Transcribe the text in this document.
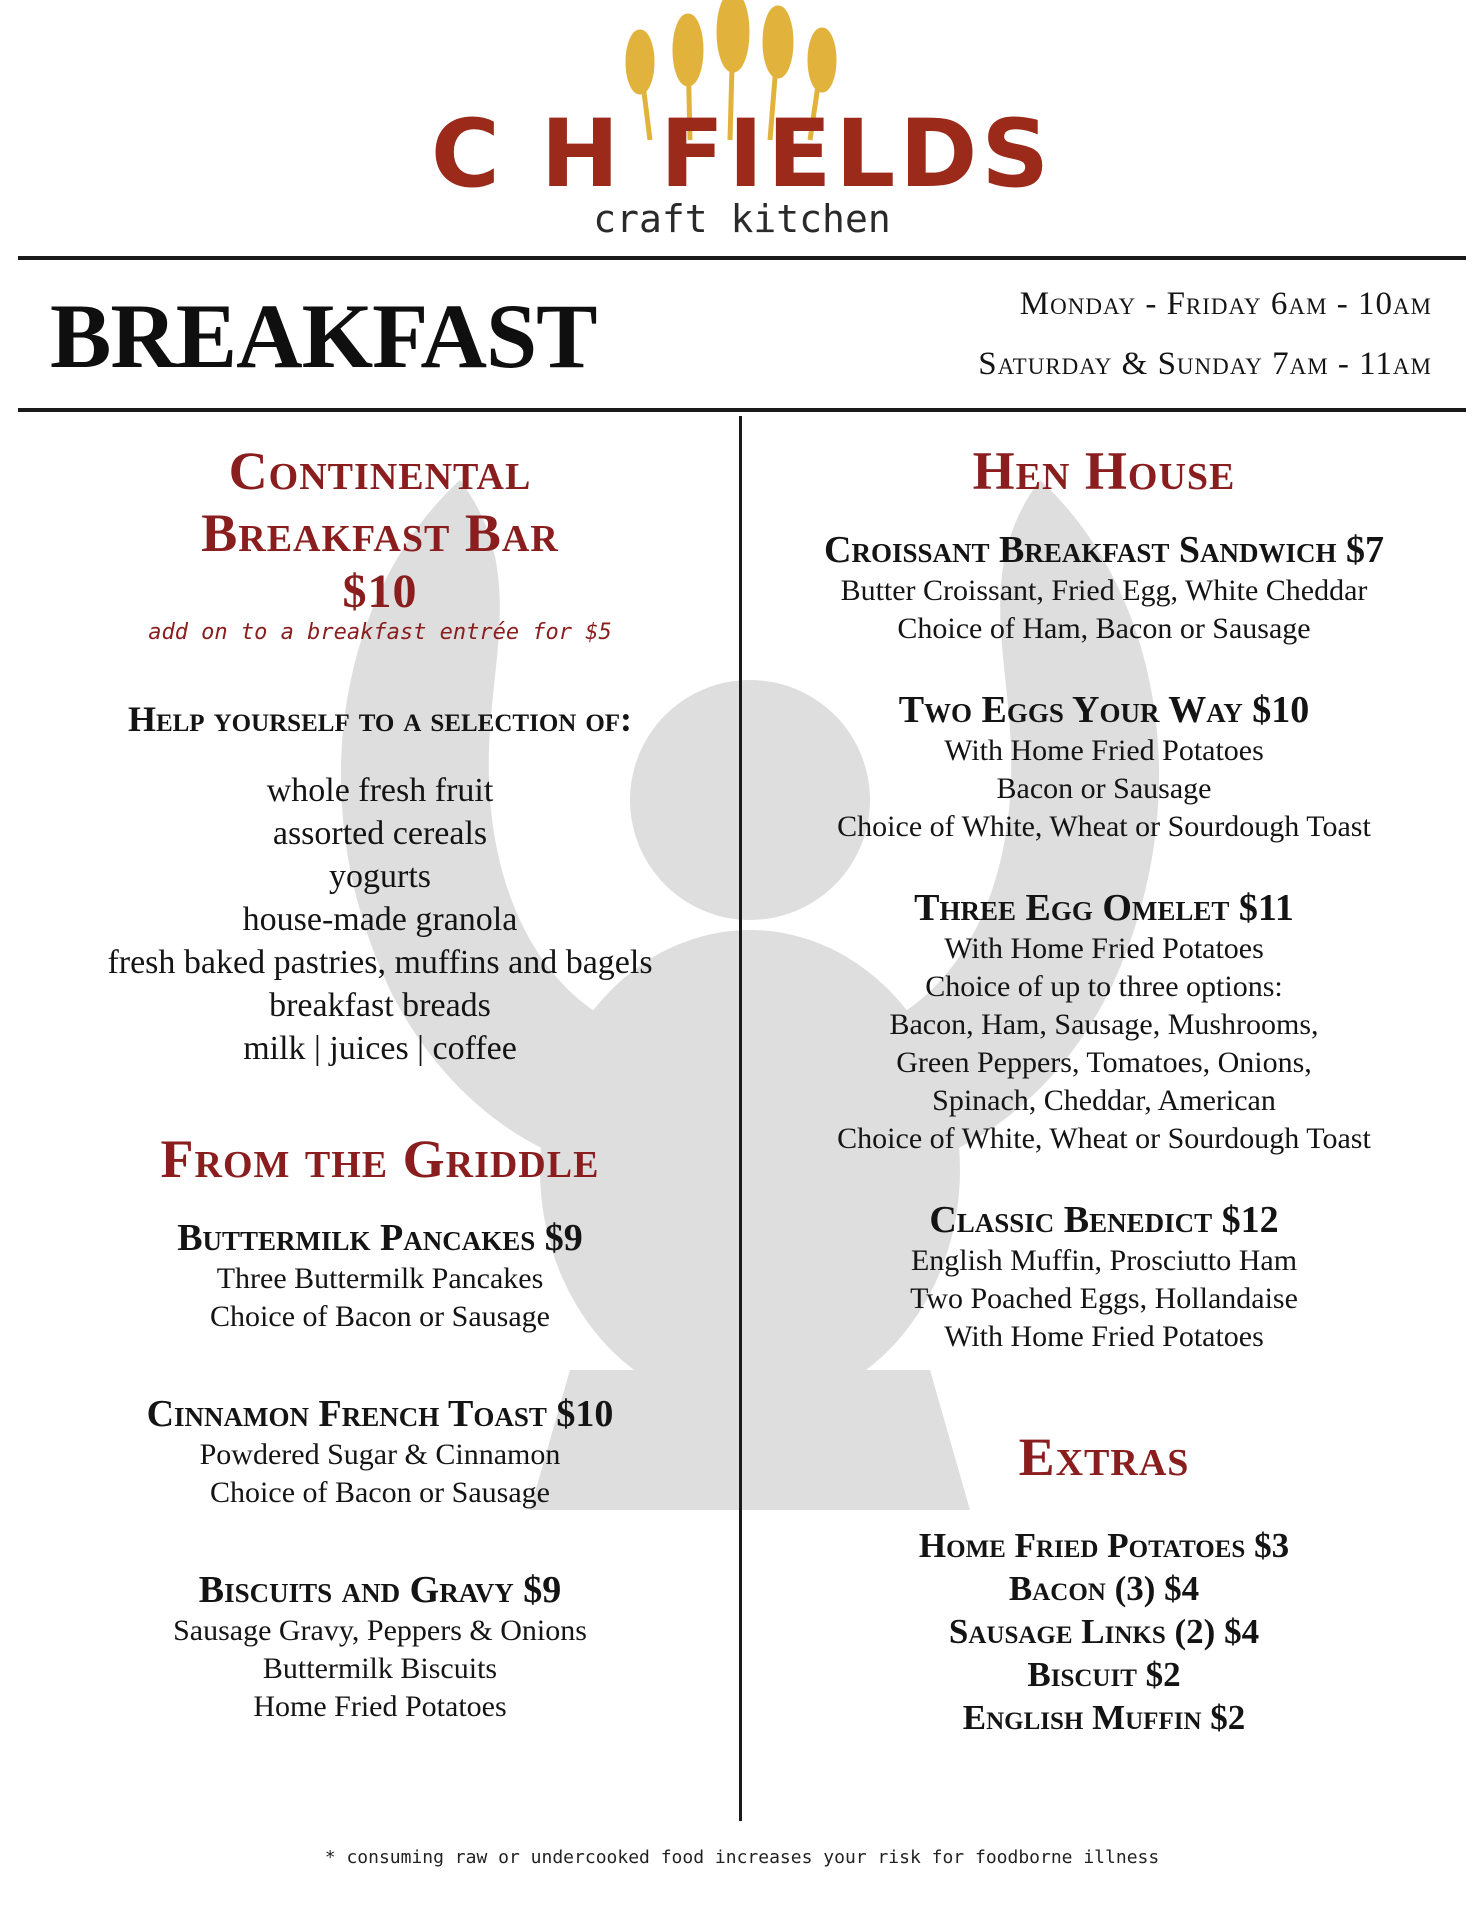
C H FIELDS
craft kitchen
BREAKFAST	Monday - Friday 6am - 10am
Saturday & Sunday 7am - 11am
Continental
Breakfast Bar
$10
add on to a breakfast entrée for $5
Help yourself to a selection of:
whole fresh fruit
assorted cereals
yogurts
house-made granola
fresh baked pastries, muffins and bagels
breakfast breads
milk | juices | coffee
From the Griddle
Buttermilk Pancakes $9
Three Buttermilk Pancakes
Choice of Bacon or Sausage
Cinnamon French Toast $10
Powdered Sugar & Cinnamon
Choice of Bacon or Sausage
Biscuits and Gravy $9
Sausage Gravy, Peppers & Onions
Buttermilk Biscuits
Home Fried Potatoes
Hen House
Croissant Breakfast Sandwich $7
Butter Croissant, Fried Egg, White Cheddar
Choice of Ham, Bacon or Sausage
Two Eggs Your Way $10
With Home Fried Potatoes
Bacon or Sausage
Choice of White, Wheat or Sourdough Toast
Three Egg Omelet $11
With Home Fried Potatoes
Choice of up to three options:
Bacon, Ham, Sausage, Mushrooms,
Green Peppers, Tomatoes, Onions,
Spinach, Cheddar, American
Choice of White, Wheat or Sourdough Toast
Classic Benedict $12
English Muffin, Prosciutto Ham
Two Poached Eggs, Hollandaise
With Home Fried Potatoes
Extras
Home Fried Potatoes $3
Bacon (3) $4
Sausage Links (2) $4
Biscuit $2
English Muffin $2
* consuming raw or undercooked food increases your risk for foodborne illness
